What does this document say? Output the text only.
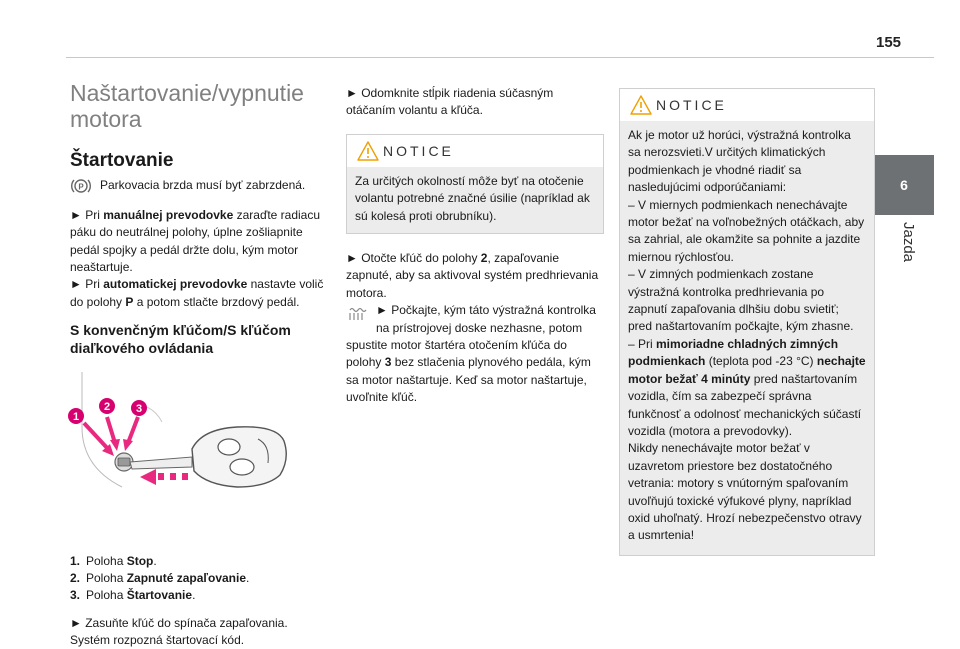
155
6
Jazda
Naštartovanie/vypnutie
motora
Štartovanie
P Parkovacia brzda musí byť zabrzdená.

► Pri manuálnej prevodovke zaraďte radiacu páku do neutrálnej polohy, úplne zošliapnite pedál spojky a pedál držte dolu, kým motor neaštartuje.

► Pri automatickej prevodovke nastavte volič do polohy P a potom stlačte brzdový pedál.

S konvenčným kľúčom/S kľúčom
diaľkového ovládania
1
2 3
1. Poloha Stop.
2. Poloha Zapnuté zapaľovanie.
3. Poloha Štartovanie.

► Zasuňte kľúč do spínača zapaľovania.

Systém rozpozná štartovací kód.

► Odomknite stĺpik riadenia súčasným otáčaním volantu a kľúča.

NOTICE
Za určitých okolností môže byť na otočenie volantu potrebné značné úsilie (napríklad ak sú kolesá proti obrubníku).

► Otočte kľúč do polohy 2, zapaľovanie zapnuté, aby sa aktivoval systém predhrievania motora.

► Počkajte, kým táto výstražná kontrolka na prístrojovej doske nezhasne, potom spustite motor štartéra otočením kľúča do polohy 3 bez stlačenia plynového pedála, kým sa motor naštartuje. Keď sa motor naštartuje, uvoľnite kľúč.

NOTICE

Ak je motor už horúci, výstražná kontrolka sa nerozsvieti.V určitých klimatických podmienkach je vhodné riadiť sa nasledujúcimi odporúčaniami:

– V miernych podmienkach nenechávajte motor bežať na voľnobežných otáčkach, aby sa zahrial, ale okamžite sa pohnite a jazdite miernou rýchlosťou.

– V zimných podmienkach zostane výstražná kontrolka predhrievania po zapnutí zapaľovania dlhšiu dobu svietiť; pred naštartovaním počkajte, kým zhasne.

– Pri mimoriadne chladných zimných podmienkach (teplota pod -23 °C) nechajte motor bežať 4 minúty pred naštartovaním vozidla, čím sa zabezpečí správna funkčnosť a odolnosť mechanických súčastí vozidla (motora a prevodovky).

Nikdy nenechávajte motor bežať v uzavretom priestore bez dostatočného vetrania: motory s vnútorným spaľovaním uvoľňujú toxické výfukové plyny, napríklad oxid uhoľnatý. Hrozí nebezpečenstvo otravy a usmrtenia!
